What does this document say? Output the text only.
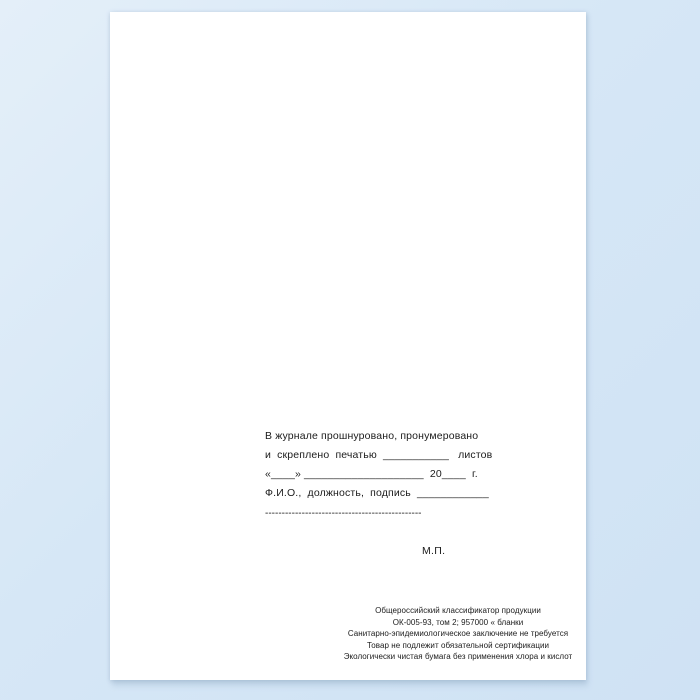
В журнале прошнуровано, пронумеровано
и  скреплено  печатью  ___________   листов
«____» ____________________  20____  г.
Ф.И.О.,  должность,  подпись  ____________
-----------------------------------------------
М.П.
Общероссийский классификатор продукции
ОК-005-93, том 2; 957000 « бланки
Санитарно-эпидемиологическое заключение не требуется
Товар не подлежит обязательной сертификации
Экологически чистая бумага без применения хлора и кислот
